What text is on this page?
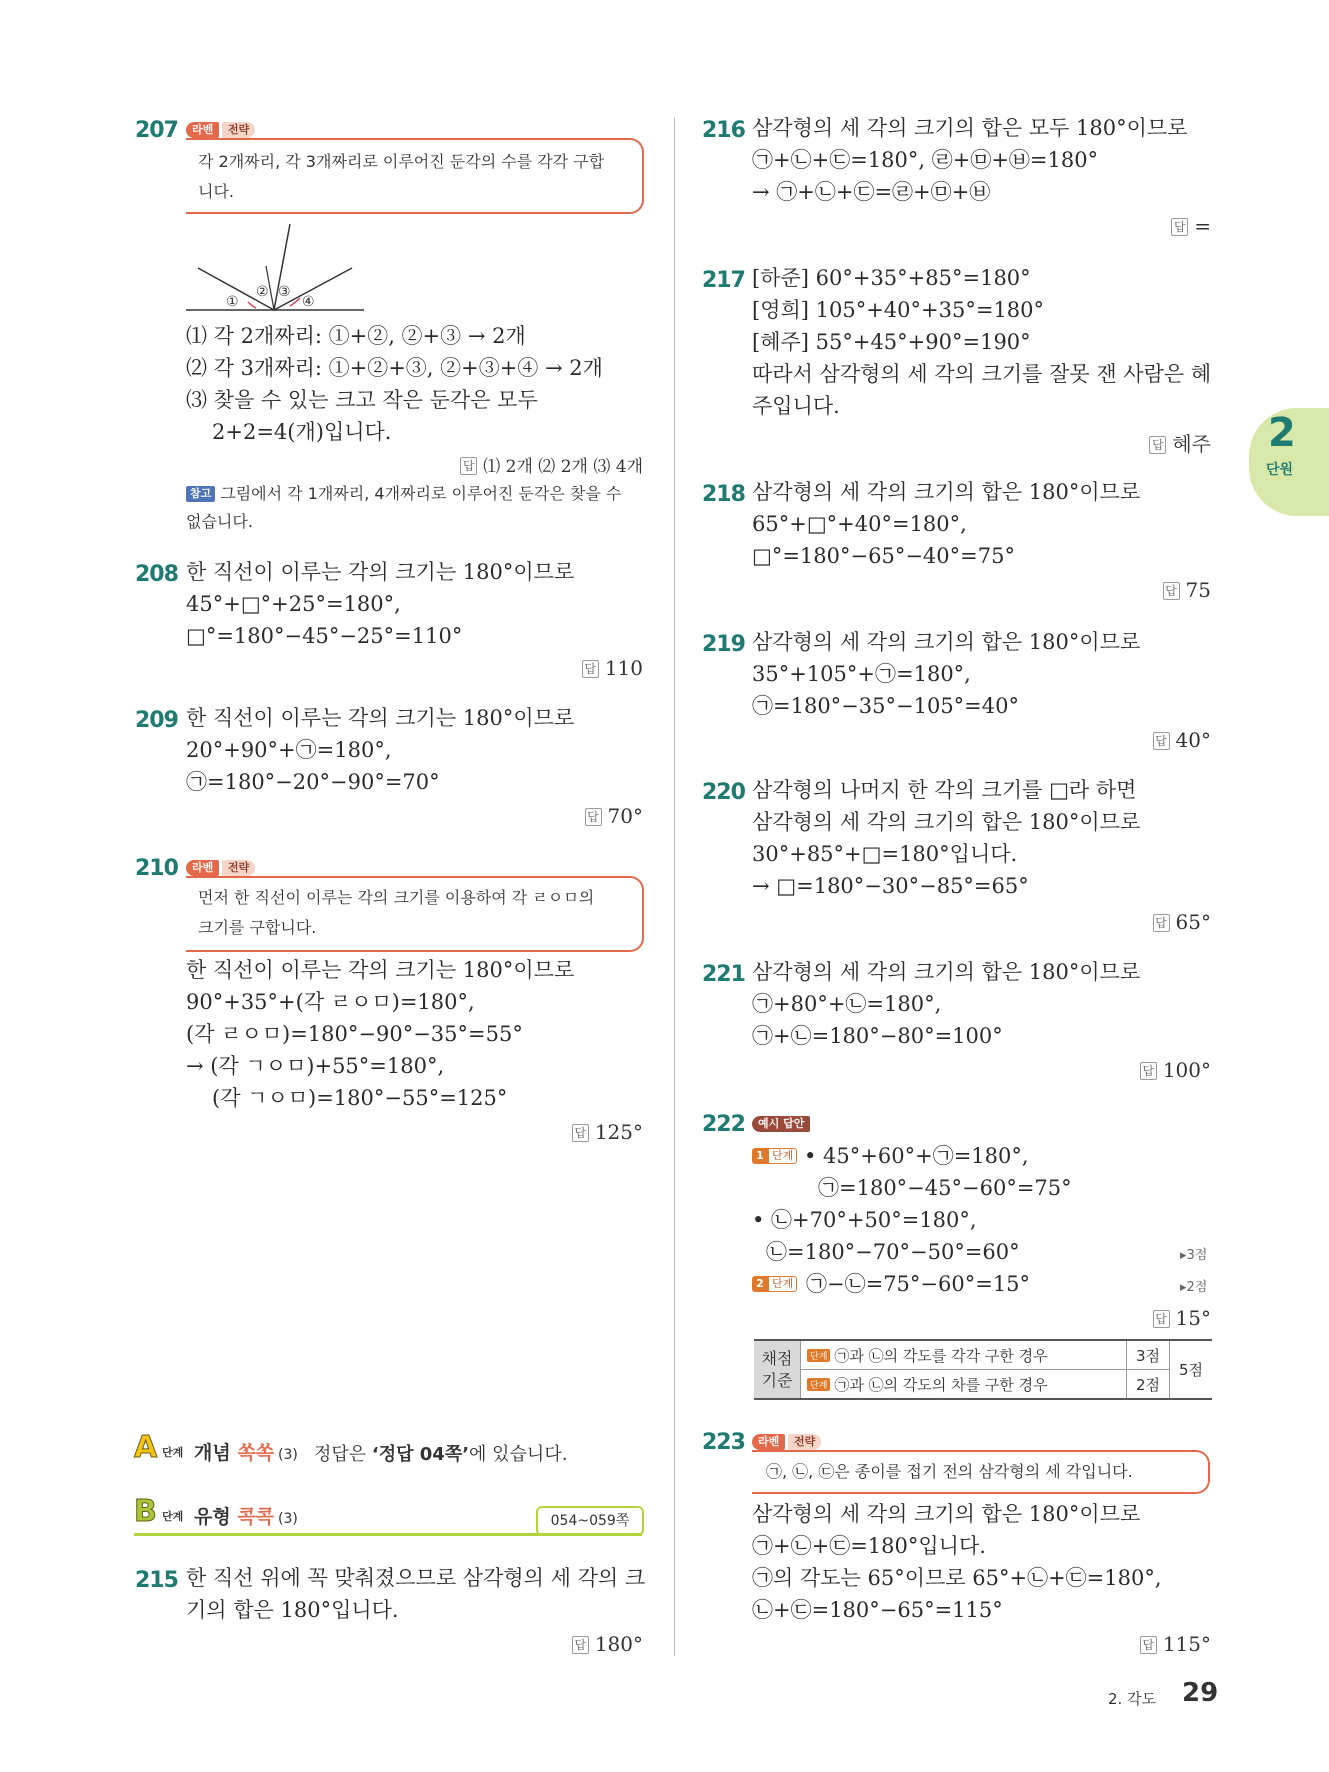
207	라벤	전략
각 2개짜리, 각 3개짜리로 이루어진 둔각의 수를 각각 구합
니다.
①
② ③
④
⑴ 각 2개짜리: ①+②, ②+③ → 2개
⑵ 각 3개짜리: ①+②+③, ②+③+④ → 2개
⑶ 찾을 수 있는 크고 작은 둔각은 모두
2+2=4(개)입니다.
답 ⑴ 2개 ⑵ 2개 ⑶ 4개
참고 그림에서 각 1개짜리, 4개짜리로 이루어진 둔각은 찾을 수
없습니다.
208 한 직선이 이루는 각의 크기는 180°이므로
45°+□°+25°=180°,
□°=180°−45°−25°=110°
답 110
209 한 직선이 이루는 각의 크기는 180°이므로
20°+90°+㉠=180°,
㉠=180°−20°−90°=70°
답 70°
210	라벤	전략
먼저 한 직선이 이루는 각의 크기를 이용하여 각 ㄹㅇㅁ의
크기를 구합니다.
한 직선이 이루는 각의 크기는 180°이므로
90°+35°+(각 ㄹㅇㅁ)=180°,
(각 ㄹㅇㅁ)=180°−90°−35°=55°
→ (각 ㄱㅇㅁ)+55°=180°,
(각 ㄱㅇㅁ)=180°−55°=125°
답 125°
A 단계 개념 쏙쏙 (3) 정답은 ‘정답 04쪽’에 있습니다.
B 단계 유형 콕콕 (3)	054~059쪽
215 한 직선 위에 꼭 맞춰졌으므로 삼각형의 세 각의 크
기의 합은 180°입니다.
답 180°
216 삼각형의 세 각의 크기의 합은 모두 180°이므로
㉠+㉡+㉢=180°, ㉣+㉤+㉥=180°
→ ㉠+㉡+㉢=㉣+㉤+㉥
답 =
217 [하준] 60°+35°+85°=180°
[영희] 105°+40°+35°=180°
[혜주] 55°+45°+90°=190°
따라서 삼각형의 세 각의 크기를 잘못 잰 사람은 혜
주입니다.
답 혜주 2
단원
218 삼각형의 세 각의 크기의 합은 180°이므로
65°+□°+40°=180°,
□°=180°−65°−40°=75°
답 75
219 삼각형의 세 각의 크기의 합은 180°이므로
35°+105°+㉠=180°,
㉠=180°−35°−105°=40°
답 40°
220 삼각형의 나머지 한 각의 크기를 □라 하면
삼각형의 세 각의 크기의 합은 180°이므로
30°+85°+□=180°입니다.
→ □=180°−30°−85°=65°
답 65°
221 삼각형의 세 각의 크기의 합은 180°이므로
㉠+80°+㉡=180°,
㉠+㉡=180°−80°=100°
답 100°
222	예시 답안
1 단계 • 45°+60°+㉠=180°,
㉠=180°−45°−60°=75°
• ㉡+70°+50°=180°,
㉡=180°−70°−50°=60°	▸3점
2 단계 ㉠−㉡=75°−60°=15°	▸2점
답 15°
채점
기준	단계 ㉠과 ㉡의 각도를 각각 구한 경우	3점	5점
	단계 ㉠과 ㉡의 각도의 차를 구한 경우	2점	
223	라벤	전략
㉠, ㉡, ㉢은 종이를 접기 전의 삼각형의 세 각입니다.
삼각형의 세 각의 크기의 합은 180°이므로
㉠+㉡+㉢=180°입니다.
㉠의 각도는 65°이므로 65°+㉡+㉢=180°,
㉡+㉢=180°−65°=115°
답 115°
2. 각도 29
